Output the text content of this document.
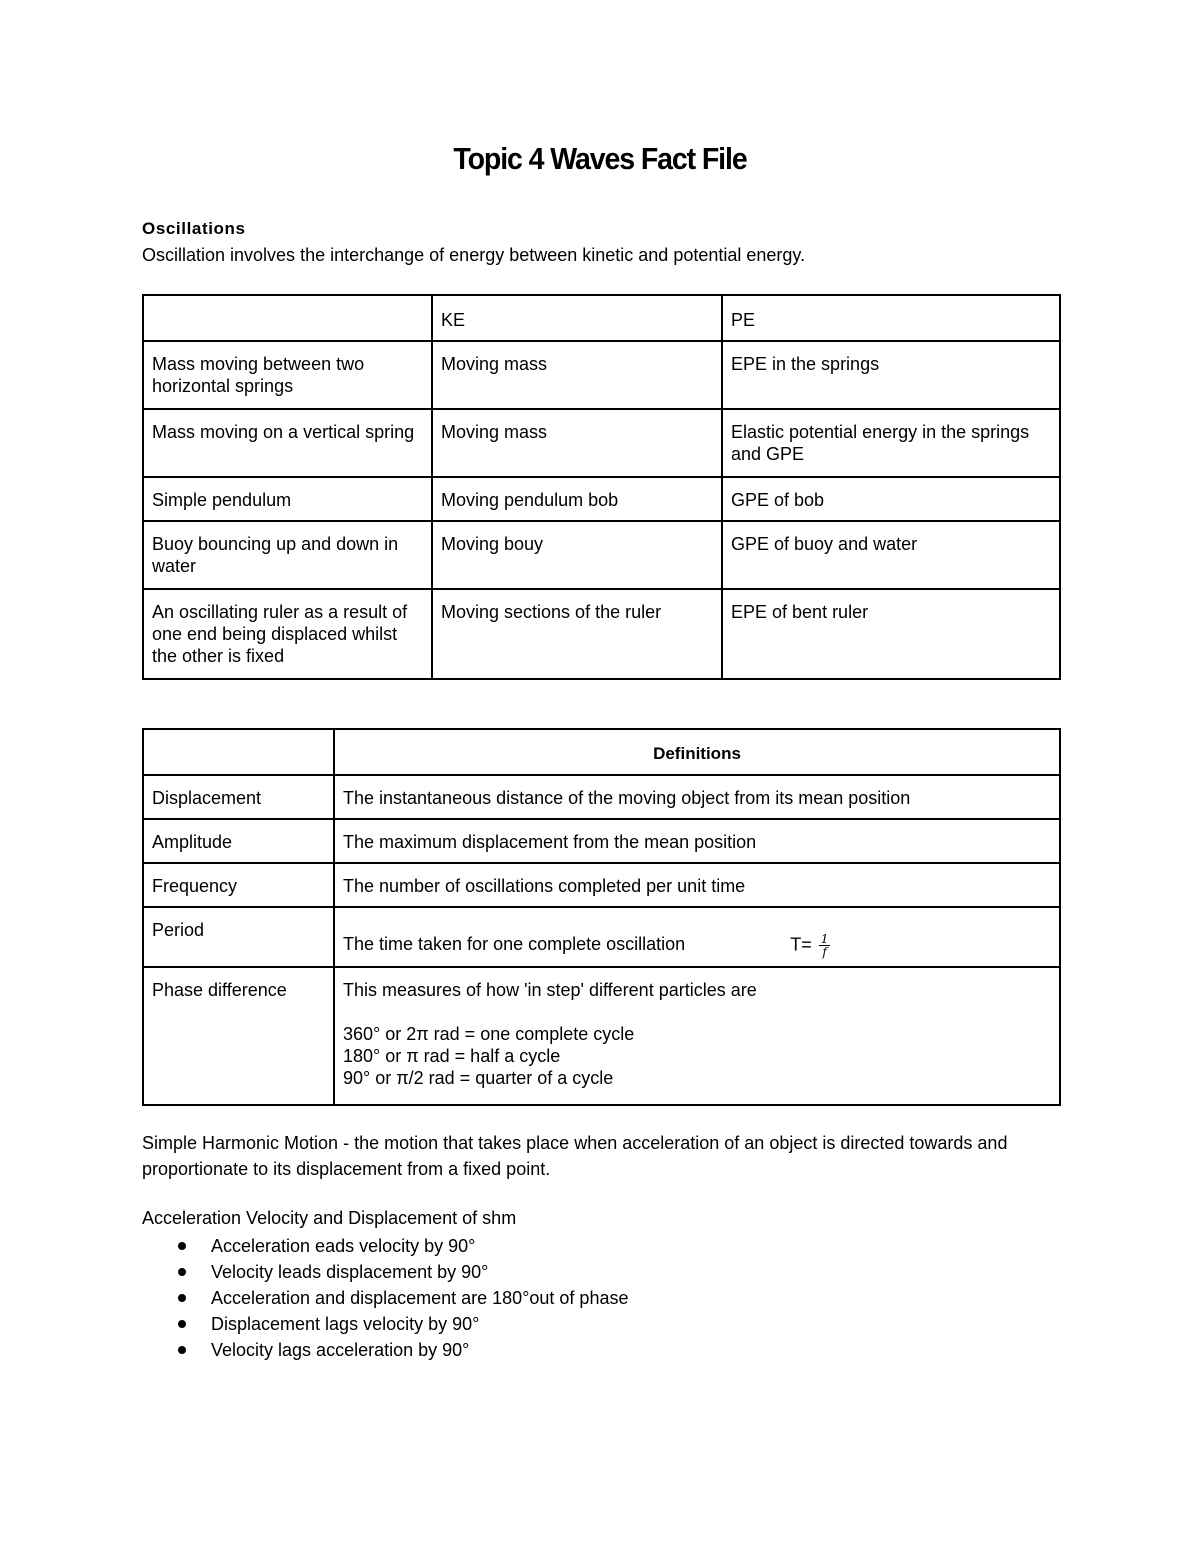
Topic 4 Waves Fact File
Oscillations

Oscillation involves the interchange of energy between kinetic and potential energy.

	KE	PE
Mass moving between two horizontal springs	Moving mass	EPE in the springs
Mass moving on a vertical spring	Moving mass	Elastic potential energy in the springs and GPE
Simple pendulum	Moving pendulum bob	GPE of bob
Buoy bouncing up and down in water	Moving bouy	GPE of buoy and water
An oscillating ruler as a result of one end being displaced whilst the other is fixed	Moving sections of the ruler	EPE of bent ruler
	Definitions
Displacement	The instantaneous distance of the moving object from its mean position
Amplitude	The maximum displacement from the mean position
Frequency	The number of oscillations completed per unit time
Period	The time taken for one complete oscillation $T= \frac{1}{f}$

Phase difference	This measures of how 'in step' different particles are
360° or 2π rad = one complete cycle
180° or π rad = half a cycle
90° or π/2 rad = quarter of a cycle

Simple Harmonic Motion - the motion that takes place when acceleration of an object is directed towards and proportionate to its displacement from a fixed point.

Acceleration Velocity and Displacement of shm

Acceleration eads velocity by 90°
Velocity leads displacement by 90°
Acceleration and displacement are 180°out of phase
Displacement lags velocity by 90°
Velocity lags acceleration by 90°
